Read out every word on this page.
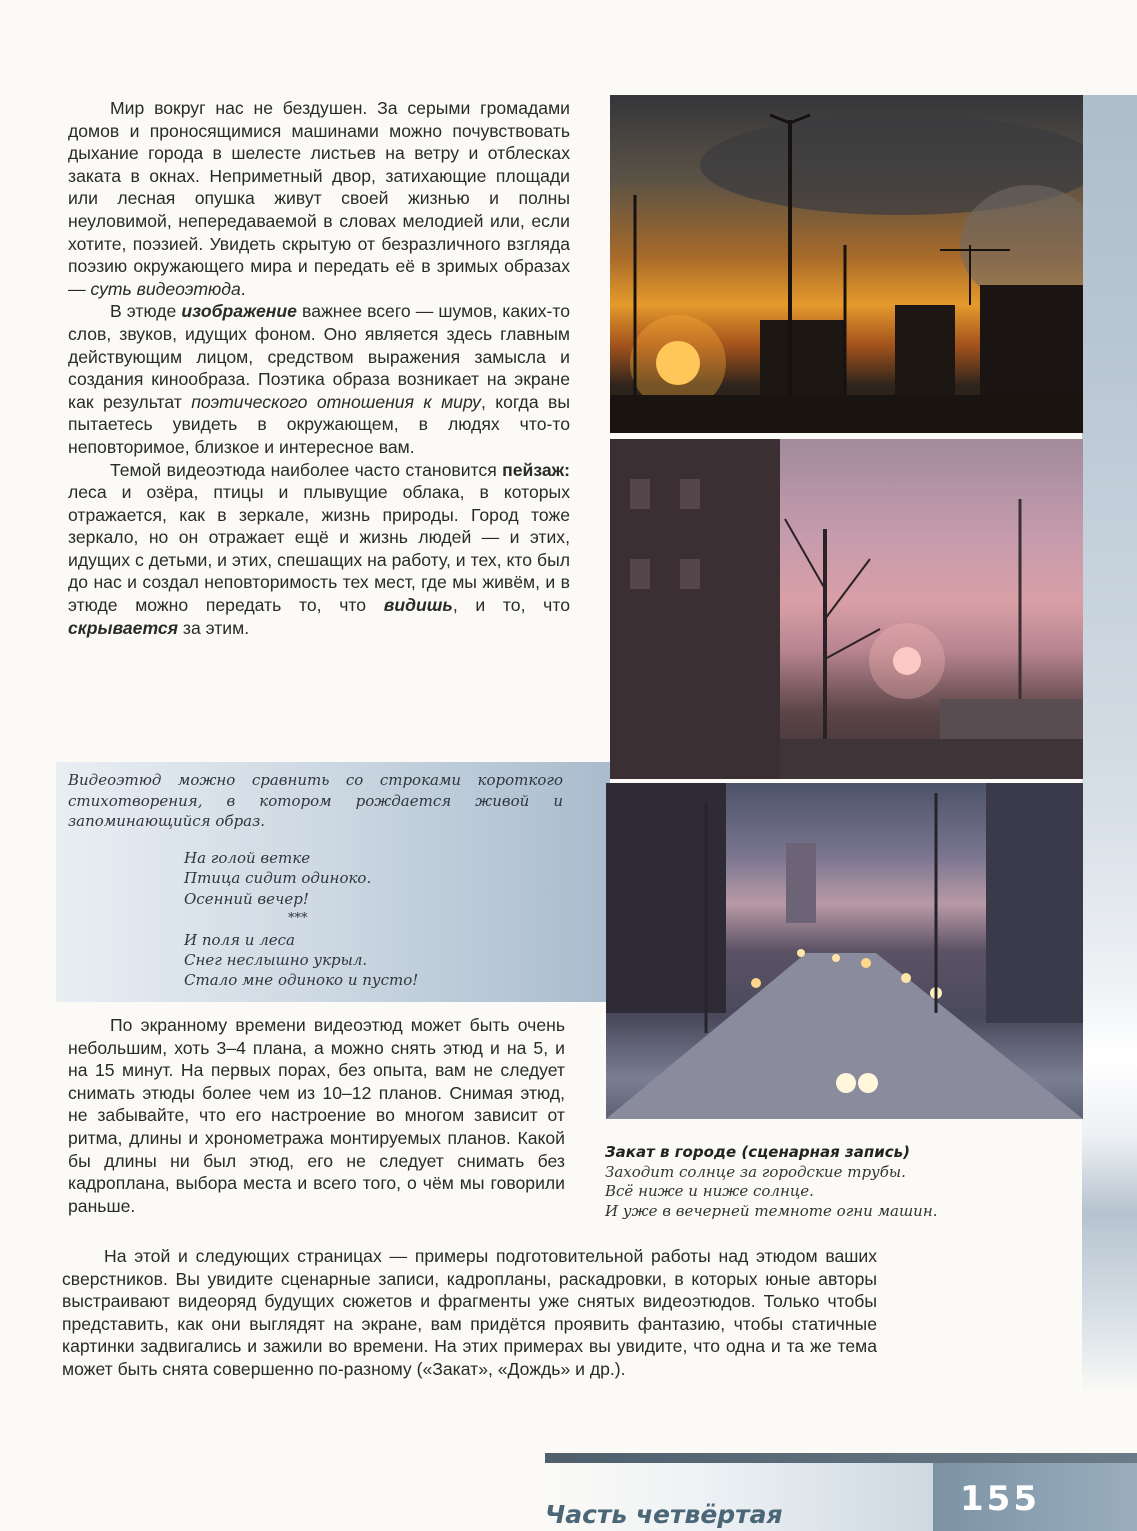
Мир вокруг нас не бездушен. За серыми громадами домов и проносящимися машинами можно почувствовать дыхание города в шелесте листьев на ветру и отблесках заката в окнах. Неприметный двор, затихающие площади или лесная опушка живут своей жизнью и полны неуловимой, непередаваемой в словах мелодией или, если хотите, поэзией. Увидеть скрытую от безразличного взгляда поэзию окружающего мира и передать её в зримых образах — суть видеоэтюда.

В этюде изображение важнее всего — шумов, каких-то слов, звуков, идущих фоном. Оно является здесь главным действующим лицом, средством выражения замысла и создания кинообраза. Поэтика образа возникает на экране как результат поэтического отношения к миру, когда вы пытаетесь увидеть в окружающем, в людях что-то неповторимое, близкое и интересное вам.

Темой видеоэтюда наиболее часто становится пейзаж: леса и озёра, птицы и плывущие облака, в которых отражается, как в зеркале, жизнь природы. Город тоже зеркало, но он отражает ещё и жизнь людей — и этих, идущих с детьми, и этих, спешащих на работу, и тех, кто был до нас и создал неповторимость тех мест, где мы живём, и в этюде можно передать то, что видишь, и то, что скрывается за этим.

Видеоэтюд можно сравнить со строками короткого стихотворения, в котором рождается живой и запоминающийся образ.

На голой ветке
Птица сидит одиноко.
Осенний вечер!
***
И поля и леса
Снег неслышно укрыл.
Стало мне одиноко и пусто!

По экранному времени видеоэтюд может быть очень небольшим, хоть 3–4 плана, а можно снять этюд и на 5, и на 15 минут. На первых порах, без опыта, вам не следует снимать этюды более чем из 10–12 планов. Снимая этюд, не забывайте, что его настроение во многом зависит от ритма, длины и хронометража монтируемых планов. Какой бы длины ни был этюд, его не следует снимать без кадроплана, выбора места и всего того, о чём мы говорили раньше.

На этой и следующих страницах — примеры подготовительной работы над этюдом ваших сверстников. Вы увидите сценарные записи, кадропланы, раскадровки, в которых юные авторы выстраивают видеоряд будущих сюжетов и фрагменты уже снятых видеоэтюдов. Только чтобы представить, как они выглядят на экране, вам придётся проявить фантазию, чтобы статичные картинки задвигались и зажили во времени. На этих примерах вы увидите, что одна и та же тема может быть снята совершенно по-разному («Закат», «Дождь» и др.).

Закат в городе (сценарная запись)
Заходит солнце за городские трубы.
Всё ниже и ниже солнце.
И уже в вечерней темноте огни машин.
Часть четвёртая	155
